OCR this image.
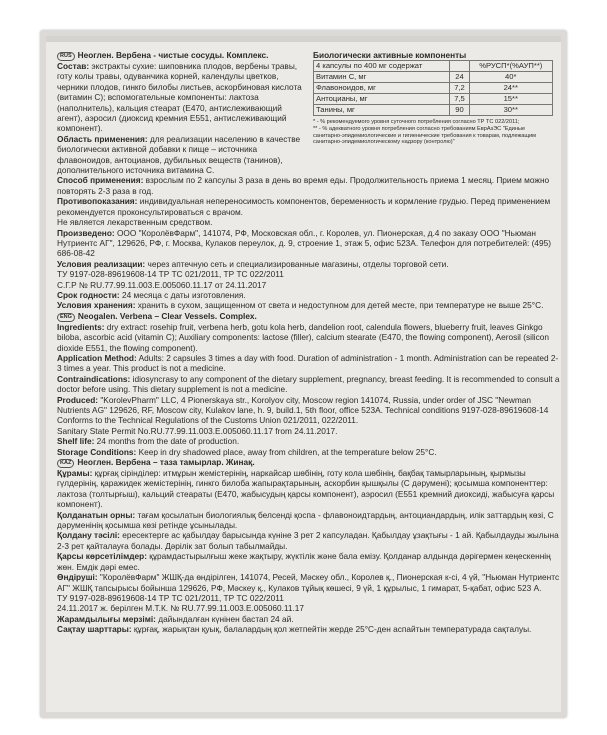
RUS Неоглен. Вербена - чистые сосуды. Комплекс.

Состав: экстракты сухие: шиповника плодов, вербены травы, готу колы травы, одуванчика корней, календулы цветков, черники плодов, гинкго билобы листьев, аскорбиновая кислота (витамин С); вспомогательные компоненты: лактоза (наполнитель), кальция стеарат (Е470, антислеживающий агент), аэросил (диоксид кремния Е551, антислеживающий компонент).

Область применения: для реализации населению в качестве биологически активной добавки к пище – источника флавоноидов, антоцианов, дубильных веществ (танинов), дополнительного источника витамина С.

Биологически активные компоненты

4 капсулы по 400 мг содержат		%РУСП*(%АУП**)
Витамин С, мг	24	40*
Флавоноидов, мг	7,2	24**
Антоцианы, мг	7,5	15**
Танины, мг	90	30**

* - % рекомендуемого уровня суточного потребления согласно ТР ТС 022/2011;

** - % адекватного уровня потребления согласно требованиям ЕврАзЭС "Единые санитарно-эпидемиологические и гигиенические требования к товарам, подлежащим санитарно-эпидемиологическому надзору (контролю)"

Способ применения: взрослым по 2 капсулы 3 раза в день во время еды. Продолжительность приема 1 месяц. Прием можно повторять 2-3 раза в год.

Противопоказания: индивидуальная непереносимость компонентов, беременность и кормление грудью. Перед применением рекомендуется проконсультироваться с врачом.

Не является лекарственным средством.

Произведено: ООО "КоролёвФарм", 141074, РФ, Московская обл., г. Королев, ул. Пионерская, д.4 по заказу ООО "Ньюман Нутриентс АГ", 129626, РФ, г. Москва, Кулаков переулок, д. 9, строение 1, этаж 5, офис 523А. Телефон для потребителей: (495) 686-08-42

Условия реализации: через аптечную сеть и специализированные магазины, отделы торговой сети.

ТУ 9197-028-89619608-14 ТР ТС 021/2011, ТР ТС 022/2011

С.Г.Р № RU.77.99.11.003.Е.005060.11.17 от 24.11.2017

Срок годности: 24 месяца с даты изготовления.

Условия хранения: хранить в сухом, защищенном от света и недоступном для детей месте, при температуре не выше 25°С.

ENG Neogalen. Verbena – Clear Vessels. Complex.

Ingredients: dry extract: rosehip fruit, verbena herb, gotu kola herb, dandelion root, calendula flowers, blueberry fruit, leaves Ginkgo biloba, ascorbic acid (vitamin C); Auxiliary components: lactose (filler), calcium stearate (E470, the flowing component), Aerosil (silicon dioxide E551, the flowing component).

Application Method: Adults: 2 capsules 3 times a day with food. Duration of administration - 1 month. Administration can be repeated 2-3 times a year. This product is not a medicine.

Contraindications: idiosyncrasy to any component of the dietary supplement, pregnancy, breast feeding. It is recommended to consult a doctor before using. This dietary supplement is not a medicine.

Produced: "KorolevPharm" LLC, 4 Pionerskaya str., Korolyov city, Moscow region 141074, Russia, under order of JSC "Newman Nutrients AG" 129626, RF, Moscow city, Kulakov lane, h. 9, build.1, 5th floor, office 523A. Technical conditions 9197-028-89619608-14 Conforms to the Technical Regulations of the Customs Union 021/2011, 022/2011.

Sanitary State Permit No.RU.77.99.11.003.E.005060.11.17 from 24.11.2017.

Shelf life: 24 months from the date of production.

Storage Conditions: Keep in dry shadowed place, away from children, at the temperature below 25°C.

KAZ Неоглен. Вербена – таза тамырлар. Жинақ.

Құрамы: құрғақ сірінділер: итмұрын жемістерінің, наркайсар шөбінің, готу кола шөбінің, бақбақ тамырларының, қырмызы гүлдерінің, қаражидек жемістерінің, гинкго билоба жапырақтарының, аскорбин қышқылы (С дәрумені); қосымша компоненттер: лактоза (толтырғыш), кальций стеараты (Е470, жабысудың қарсы компонент), аэросил (Е551 кремний диоксиді, жабысуға қарсы компонент).

Қолданатын орны: тағам қосылатын биологиялық белсенді қоспа - флавоноидтардың, антоциандардың, илік заттардың көзі, С дәруменінің қосымша көзі ретінде ұсынылады.

Қолдану тәсілі: ересектерге ас қабылдау барысында күніне 3 рет 2 капсуладан. Қабылдау ұзақтығы - 1 ай. Қабылдауды жылына 2-3 рет қайталауға болады. Дәрілік зат болып табылмайды.

Қарсы көрсетілімдер: құрамдастырылғыш жеке жақтыру, жүктілік және бала емізу. Қолданар алдында дәрігермен кеңескеннің жөн. Емдік дәрі емес.

Өндіруші: "КоролёвФарм" ЖШҚ-да өндірілген, 141074, Ресей, Мәскеу обл., Королев қ., Пионерская к-сі, 4 үй, "Ньюман Нутриентс АГ" ЖШҚ тапсырысы бойынша 129626, РФ, Мәскеу қ., Кулаков тұйық көшесі, 9 үй, 1 құрылыс, 1 гимарат, 5-қабат, офис 523 А.

ТУ 9197-028-89619608-14 ТР ТС 021/2011, ТР ТС 022/2011

24.11.2017 ж. берілген М.Т.К. № RU.77.99.11.003.Е.005060.11.17

Жарамдылығы мерзімі: дайындалған күнінен бастап 24 ай.

Сақтау шарттары: құрғақ, жарықтан қуық, балалардың қол жетпейтін жерде 25°С-ден аспайтын температурада сақталуы.
